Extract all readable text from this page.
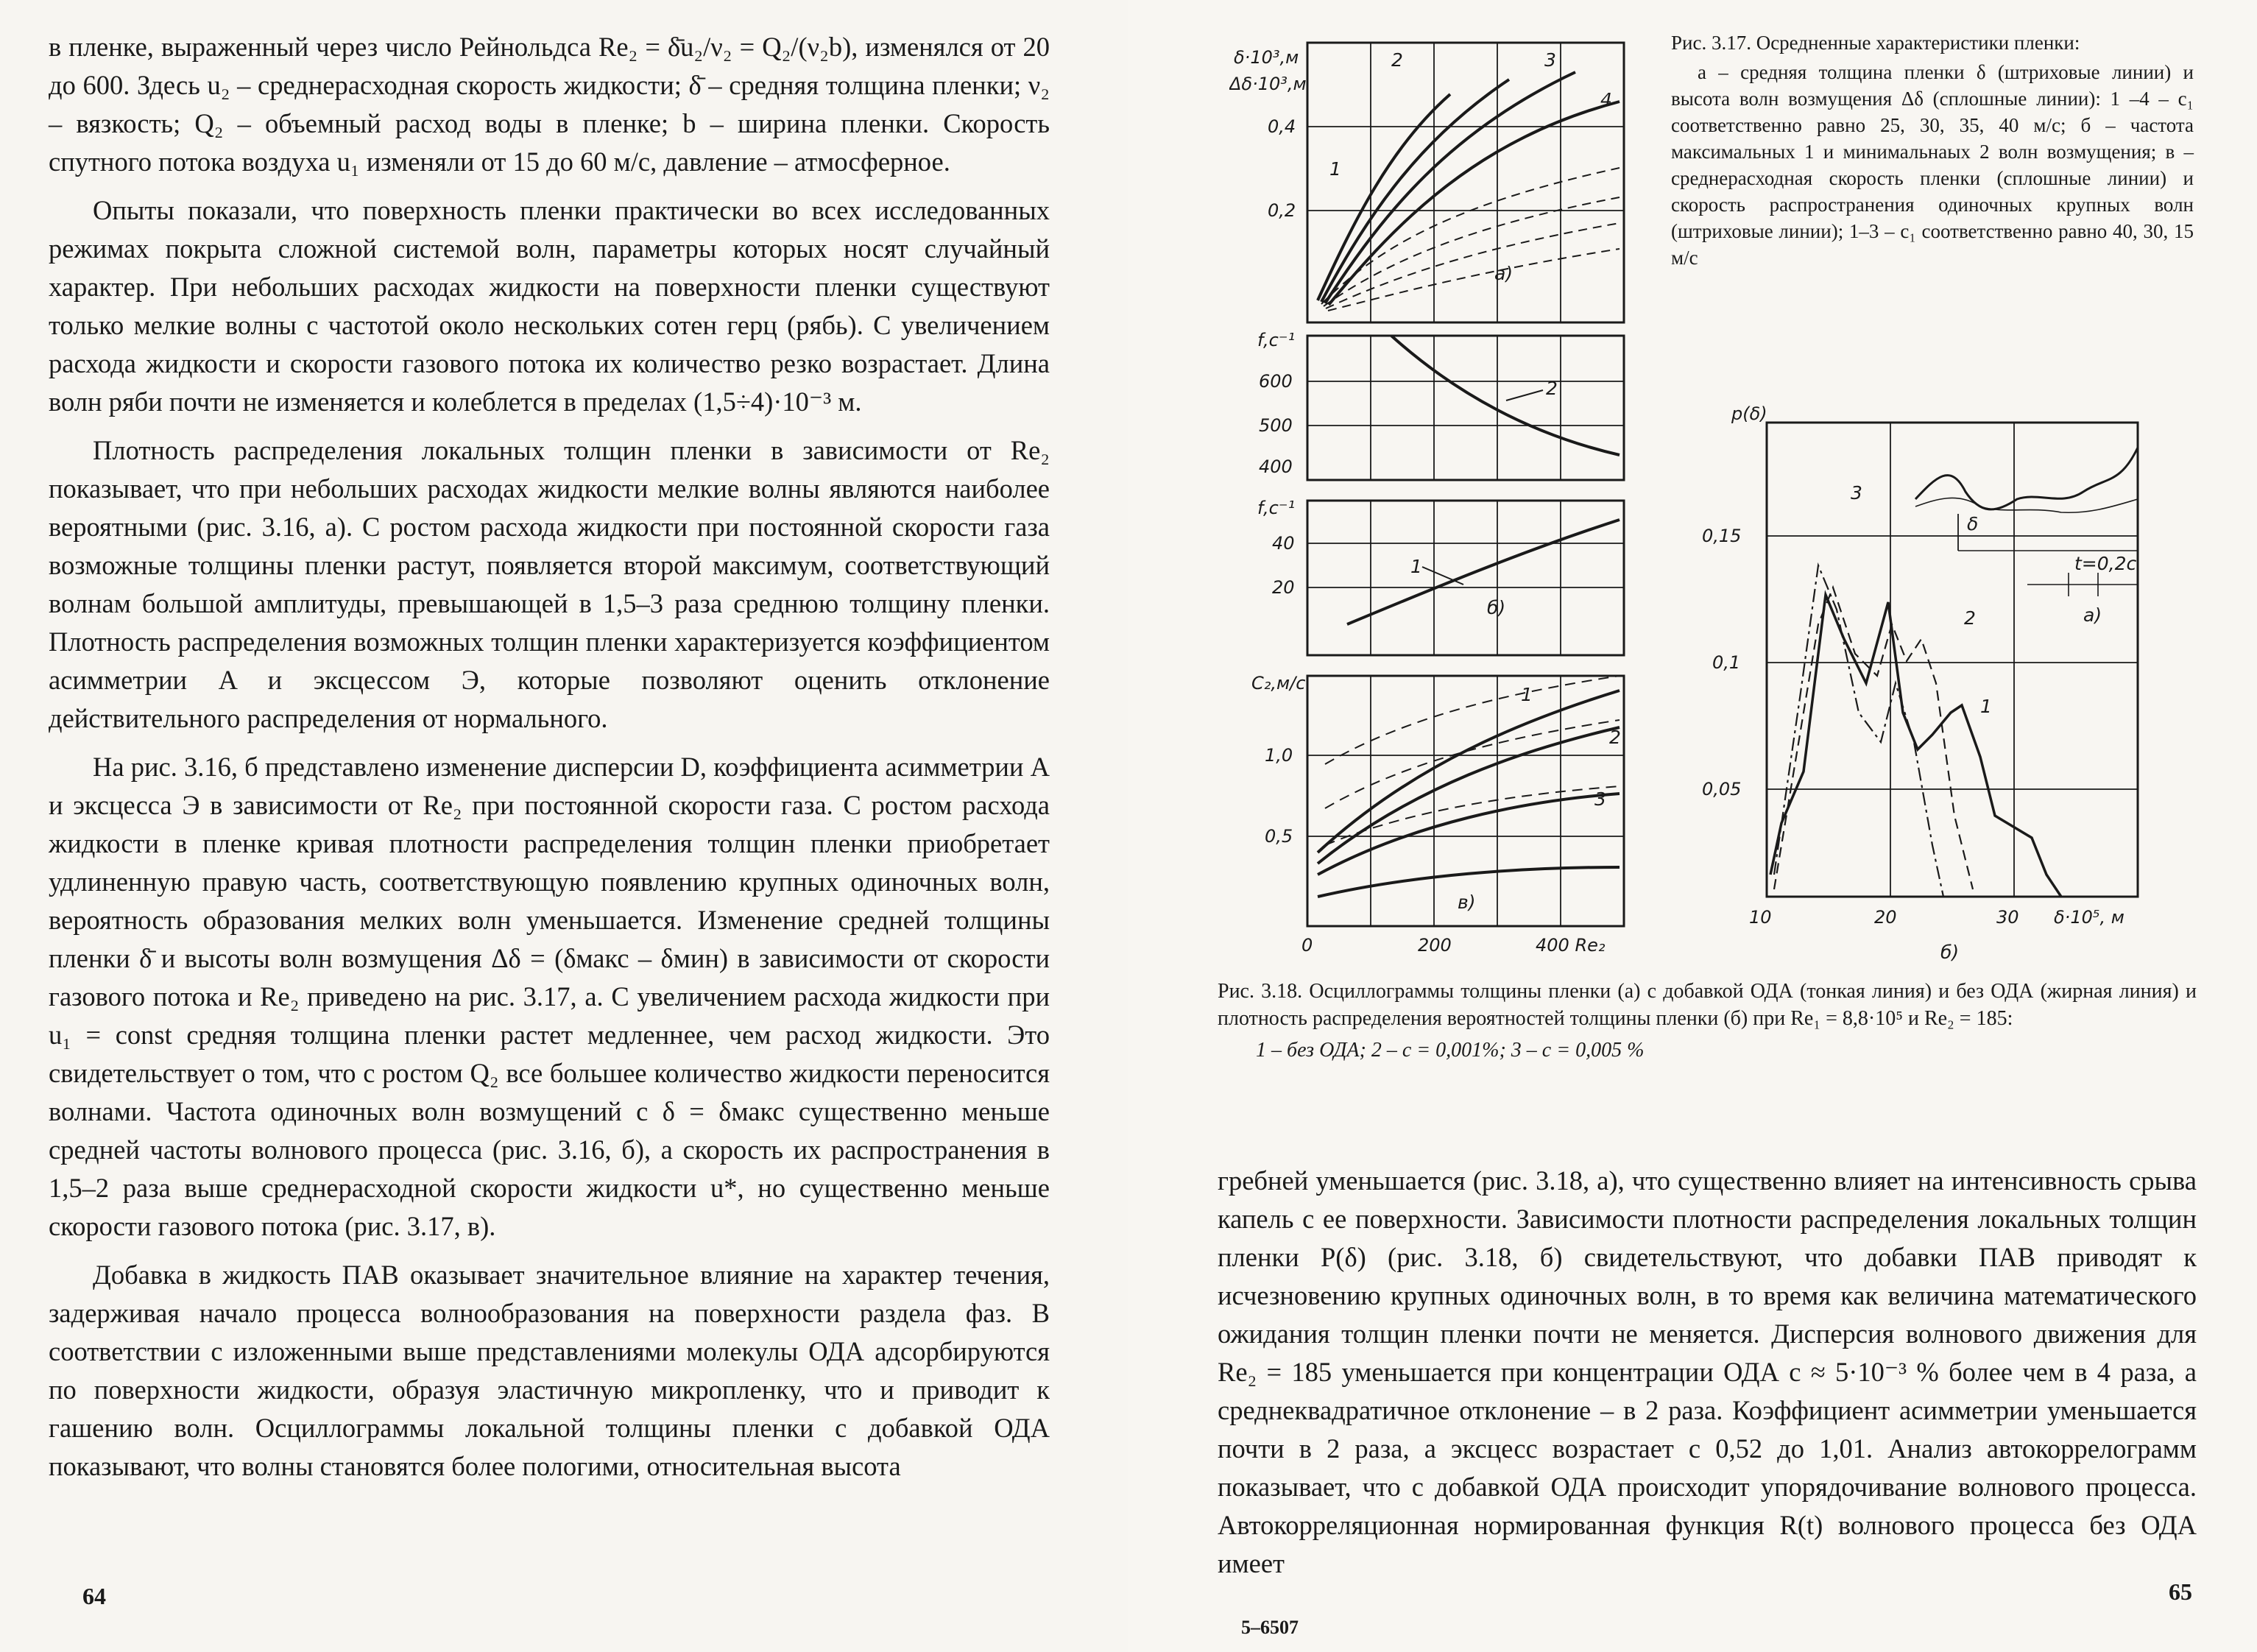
в пленке, выраженный через число Рейнольдса Re₂ = δ̄u₂/ν₂ = Q₂/(ν₂b), изменялся от 20 до 600. Здесь u₂ – среднерасходная скорость жидкости; δ̄ – средняя толщина пленки; ν₂ – вязкость; Q₂ – объемный расход воды в пленке; b – ширина пленки. Скорость спутного потока воздуха u₁ изменяли от 15 до 60 м/с, давление – атмосферное.

Опыты показали, что поверхность пленки практически во всех исследованных режимах покрыта сложной системой волн, параметры которых носят случайный характер. При небольших расходах жидкости на поверхности пленки существуют только мелкие волны с частотой около нескольких сотен герц (рябь). С увеличением расхода жидкости и скорости газового потока их количество резко возрастает. Длина волн ряби почти не изменяется и колеблется в пределах (1,5÷4)·10⁻³ м.

Плотность распределения локальных толщин пленки в зависимости от Re₂ показывает, что при небольших расходах жидкости мелкие волны являются наиболее вероятными (рис. 3.16, а). С ростом расхода жидкости при постоянной скорости газа возможные толщины пленки растут, появляется второй максимум, соответствующий волнам большой амплитуды, превышающей в 1,5–3 раза среднюю толщину пленки. Плотность распределения возможных толщин пленки характеризуется коэффициентом асимметрии A и эксцессом Э, которые позволяют оценить отклонение действительного распределения от нормального.

На рис. 3.16, б представлено изменение дисперсии D, коэффициента асимметрии A и эксцесса Э в зависимости от Re₂ при постоянной скорости газа. С ростом расхода жидкости в пленке кривая плотности распределения толщин пленки приобретает удлиненную правую часть, соответствующую появлению крупных одиночных волн, вероятность образования мелких волн уменьшается. Изменение средней толщины пленки δ̄ и высоты волн возмущения Δδ = (δмакс – δмин) в зависимости от скорости газового потока и Re₂ приведено на рис. 3.17, а. С увеличением расхода жидкости при u₁ = const средняя толщина пленки растет медленнее, чем расход жидкости. Это свидетельствует о том, что с ростом Q₂ все большее количество жидкости переносится волнами. Частота одиночных волн возмущений с δ = δмакс существенно меньше средней частоты волнового процесса (рис. 3.16, б), а скорость их распространения в 1,5–2 раза выше среднерасходной скорости жидкости u*, но существенно меньше скорости газового потока (рис. 3.17, в).

Добавка в жидкость ПАВ оказывает значительное влияние на характер течения, задерживая начало процесса волнообразования на поверхности раздела фаз. В соответствии с изложенными выше представлениями молекулы ОДА адсорбируются по поверхности жидкости, образуя эластичную микропленку, что и приводит к гашению волн. Осциллограммы локальной толщины пленки с добавкой ОДА показывают, что волны становятся более пологими, относительная высота

64
δ·10³,м
Δδ·10³,м
0,4
0,2
1
2	3
4
а)
f,c⁻¹
600
500
400
2
f,c⁻¹
40
20
1
б)
C₂,м/с
1,0
0,5
0	200	400 Re₂
1
2
3
в)

Рис. 3.17. Осредненные характеристики пленки:

а – средняя толщина пленки δ (штриховые линии) и высота волн возмущения Δδ (сплошные линии): 1 –4 – c₁ соответственно равно 25, 30, 35, 40 м/с; б – частота максимальных 1 и минимальнаых 2 волн возмущения; в – среднерасходная скорость пленки (сплошные линии) и скорость распространения одиночных крупных волн (штриховые линии); 1–3 – c₁ соответственно равно 40, 30, 15 м/с

δ
t=0,2c
а)
p(δ)
0,15
0,1
0,05
10	20	30 δ·10⁵, м
3
2
1
б)
Рис. 3.18. Осциллограммы толщины пленки (а) с добавкой ОДА (тонкая линия) и без ОДА (жирная линия) и плотность распределения вероятностей толщины пленки (б) при Re₁ = 8,8·10⁵ и Re₂ = 185:
1 – без ОДА; 2 – c = 0,001%; 3 – c = 0,005 %

гребней уменьшается (рис. 3.18, а), что существенно влияет на интенсивность срыва капель с ее поверхности. Зависимости плотности распределения локальных толщин пленки P(δ) (рис. 3.18, б) свидетельствуют, что добавки ПАВ приводят к исчезновению крупных одиночных волн, в то время как величина математического ожидания толщин пленки почти не меняется. Дисперсия волнового движения для Re₂ = 185 уменьшается при концентрации ОДА c ≈ 5·10⁻³ % более чем в 4 раза, а среднеквадратичное отклонение – в 2 раза. Коэффициент асимметрии уменьшается почти в 2 раза, а эксцесс возрастает с 0,52 до 1,01. Анализ автокоррелограмм показывает, что с добавкой ОДА происходит упорядочивание волнового процесса. Автокорреляционная нормированная функция R(t) волнового процесса без ОДА имеет

65
5–6507
